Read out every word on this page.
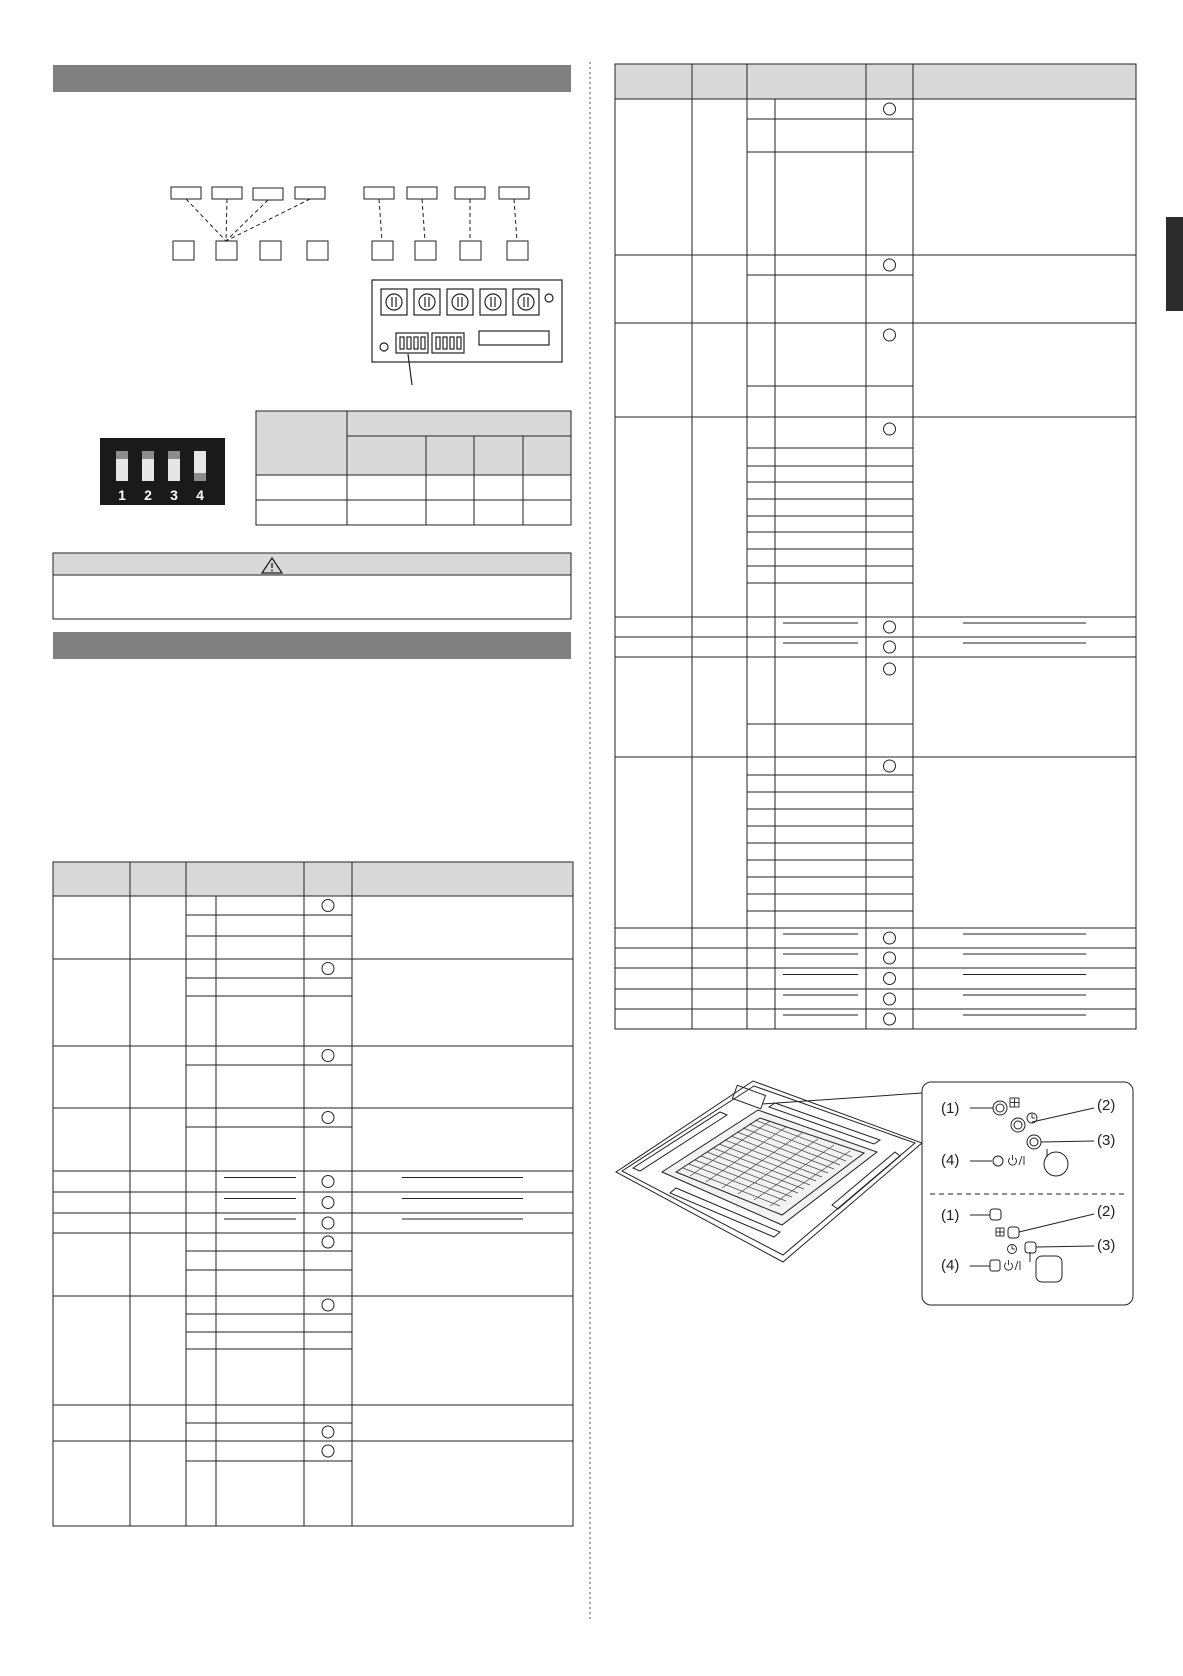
1 2 3 4
(1)	(2)
(3)
(4)
(1)	(2)
(3)
(4)
